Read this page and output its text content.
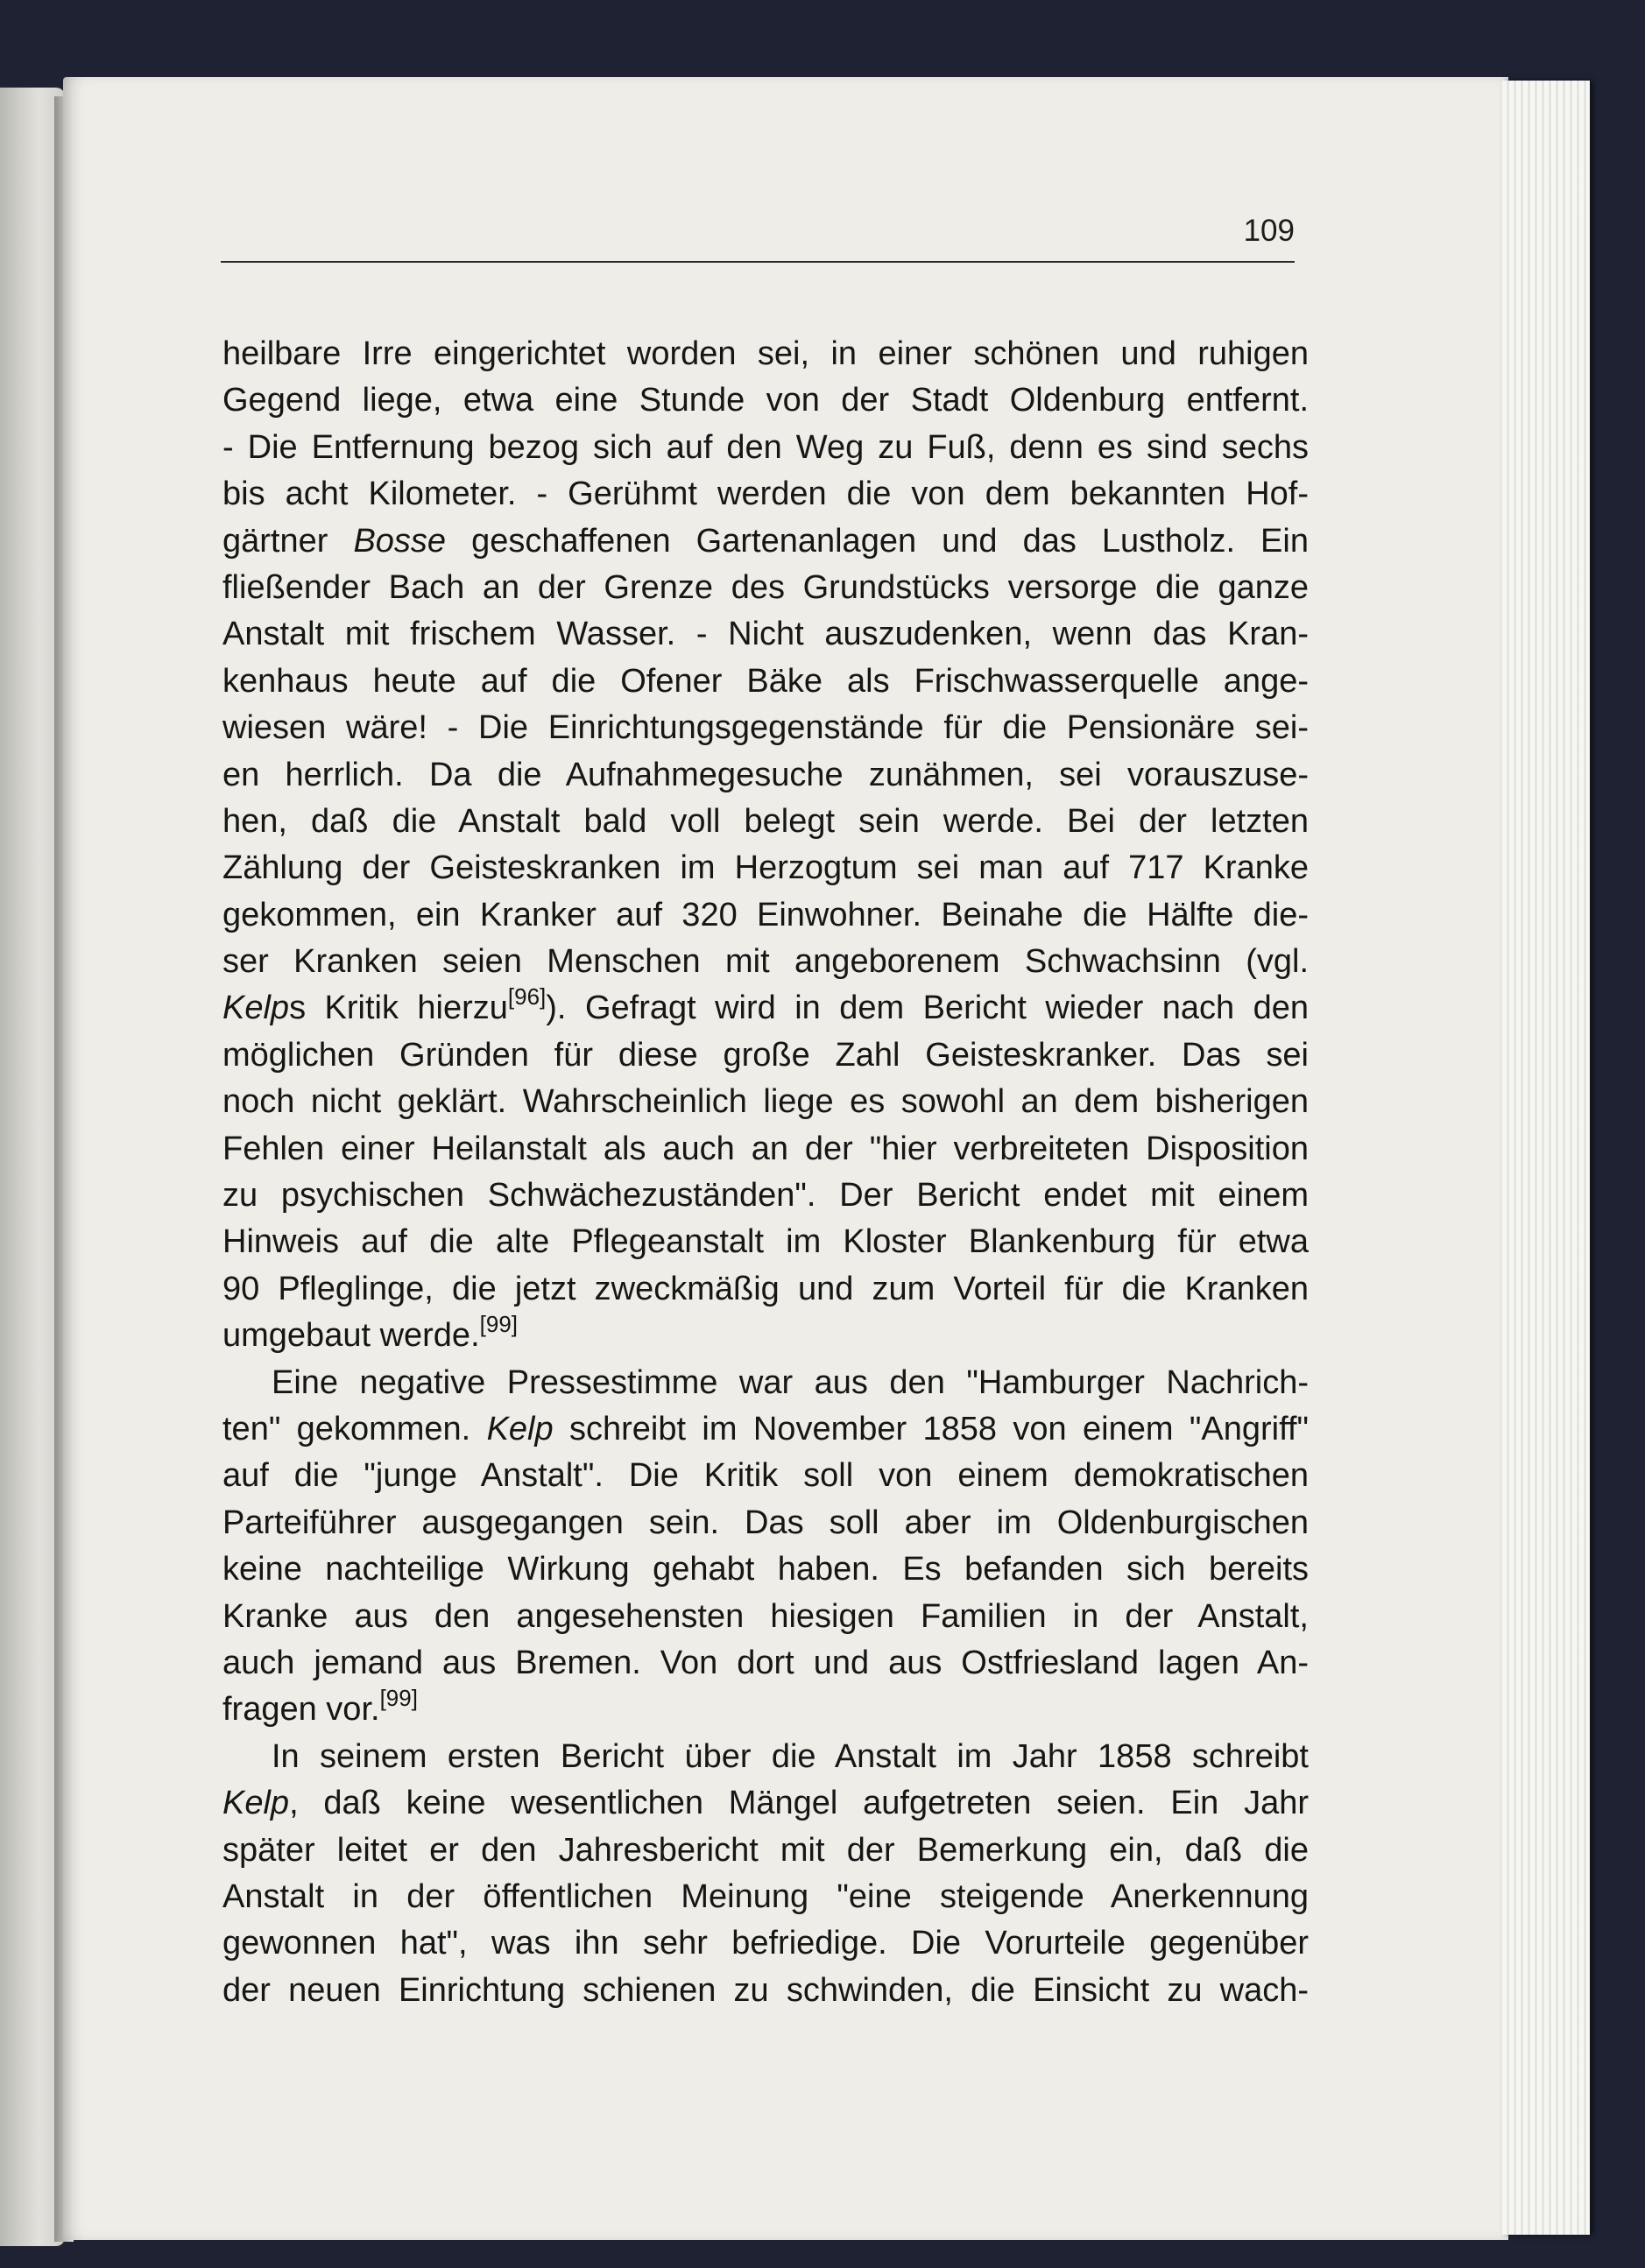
109
heilbare Irre eingerichtet worden sei, in einer schönen und ruhigen
Gegend liege, etwa eine Stunde von der Stadt Oldenburg entfernt.
- Die Entfernung bezog sich auf den Weg zu Fuß, denn es sind sechs
bis acht Kilometer. - Gerühmt werden die von dem bekannten Hof-
gärtner Bosse geschaffenen Gartenanlagen und das Lustholz. Ein
fließender Bach an der Grenze des Grundstücks versorge die ganze
Anstalt mit frischem Wasser. - Nicht auszudenken, wenn das Kran-
kenhaus heute auf die Ofener Bäke als Frischwasserquelle ange-
wiesen wäre! - Die Einrichtungsgegenstände für die Pensionäre sei-
en herrlich. Da die Aufnahmegesuche zunähmen, sei vorauszuse-
hen, daß die Anstalt bald voll belegt sein werde. Bei der letzten
Zählung der Geisteskranken im Herzogtum sei man auf 717 Kranke
gekommen, ein Kranker auf 320 Einwohner. Beinahe die Hälfte die-
ser Kranken seien Menschen mit angeborenem Schwachsinn (vgl.
Kelps Kritik hierzu[96]). Gefragt wird in dem Bericht wieder nach den
möglichen Gründen für diese große Zahl Geisteskranker. Das sei
noch nicht geklärt. Wahrscheinlich liege es sowohl an dem bisherigen
Fehlen einer Heilanstalt als auch an der "hier verbreiteten Disposition
zu psychischen Schwächezuständen". Der Bericht endet mit einem
Hinweis auf die alte Pflegeanstalt im Kloster Blankenburg für etwa
90 Pfleglinge, die jetzt zweckmäßig und zum Vorteil für die Kranken
umgebaut werde.[99]
Eine negative Pressestimme war aus den "Hamburger Nachrich-
ten" gekommen. Kelp schreibt im November 1858 von einem "Angriff"
auf die "junge Anstalt". Die Kritik soll von einem demokratischen
Parteiführer ausgegangen sein. Das soll aber im Oldenburgischen
keine nachteilige Wirkung gehabt haben. Es befanden sich bereits
Kranke aus den angesehensten hiesigen Familien in der Anstalt,
auch jemand aus Bremen. Von dort und aus Ostfriesland lagen An-
fragen vor.[99]
In seinem ersten Bericht über die Anstalt im Jahr 1858 schreibt
Kelp, daß keine wesentlichen Mängel aufgetreten seien. Ein Jahr
später leitet er den Jahresbericht mit der Bemerkung ein, daß die
Anstalt in der öffentlichen Meinung "eine steigende Anerkennung
gewonnen hat", was ihn sehr befriedige. Die Vorurteile gegenüber
der neuen Einrichtung schienen zu schwinden, die Einsicht zu wach-
